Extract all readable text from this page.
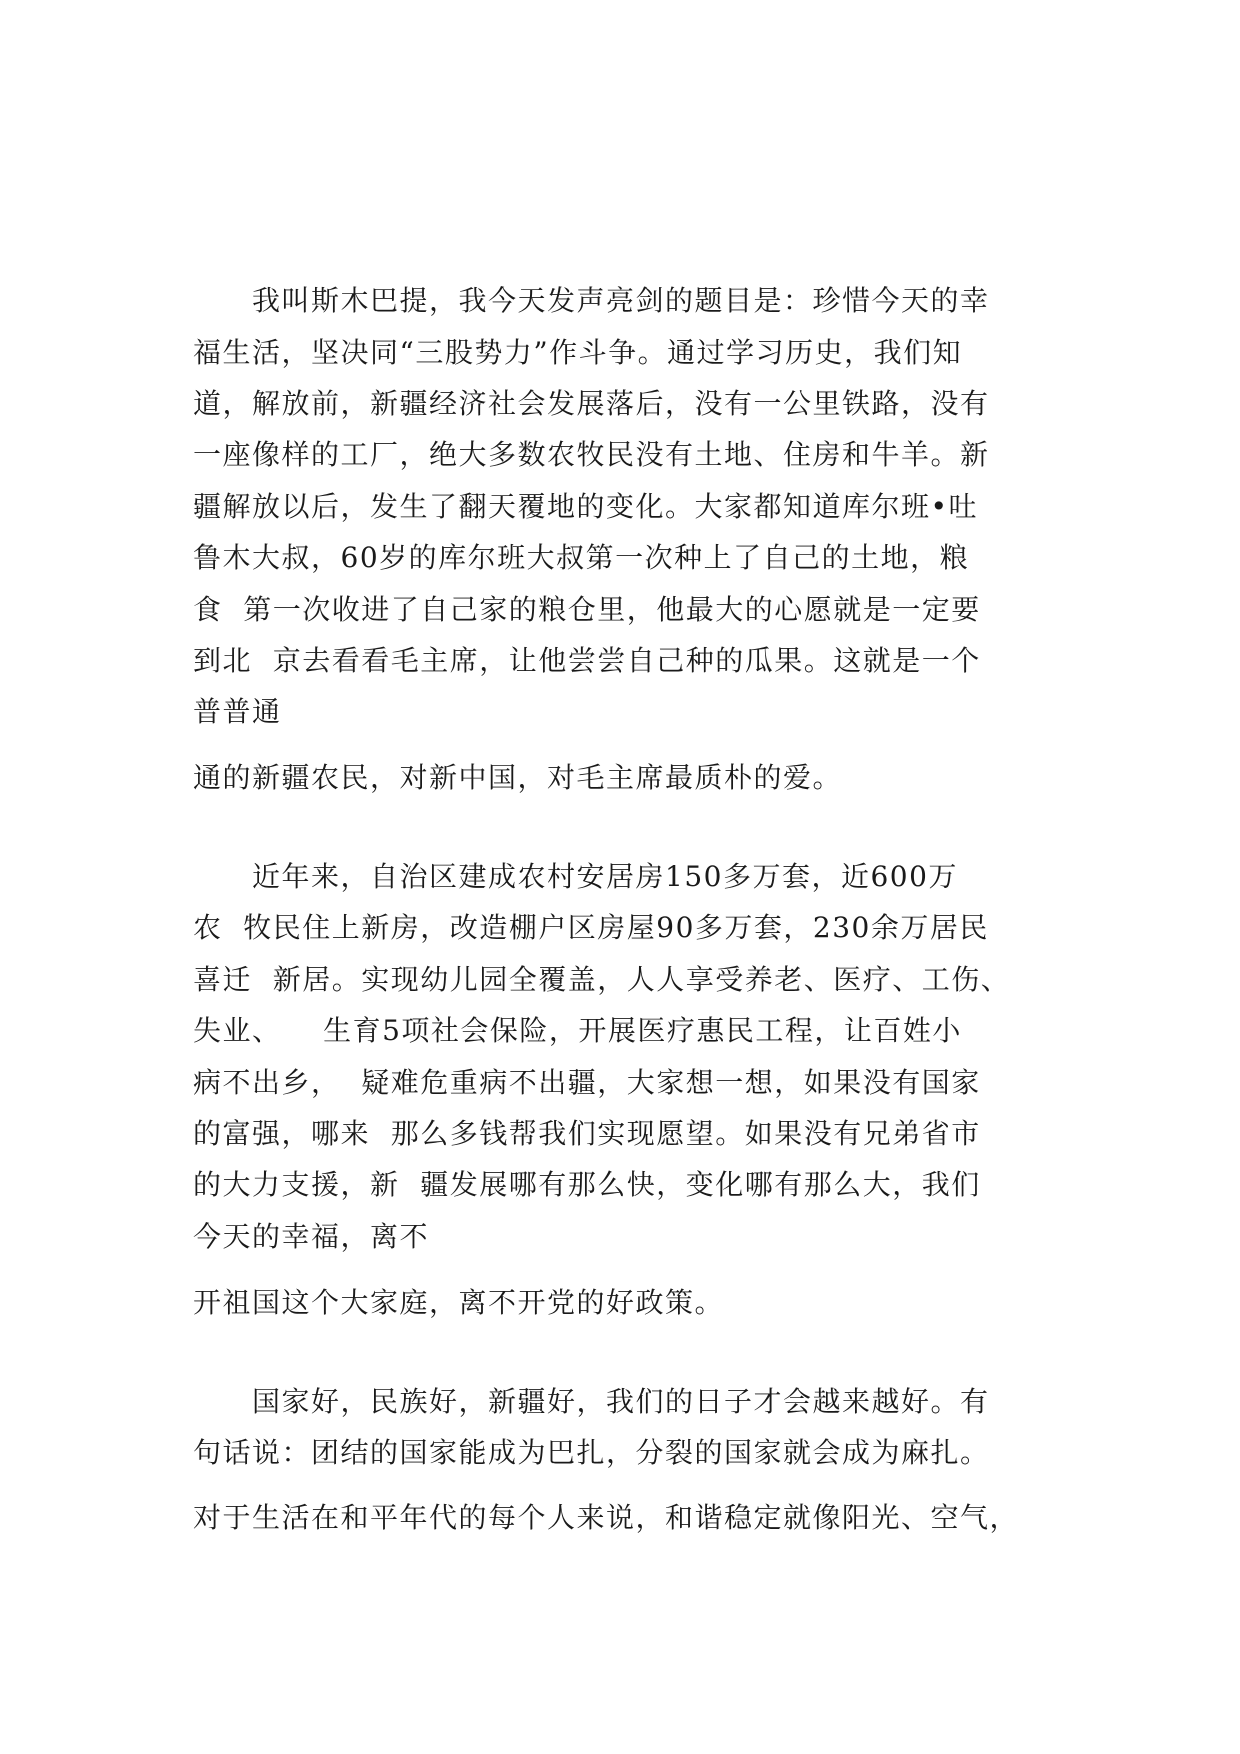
　　我叫斯木巴提，我今天发声亮剑的题目是：珍惜今天的幸
福生活，坚决同“三股势力”作斗争。通过学习历史，我们知
道，解放前，新疆经济社会发展落后，没有一公里铁路，没有
一座像样的工厂，绝大多数农牧民没有土地、住房和牛羊。新
疆解放以后，发生了翻天覆地的变化。大家都知道库尔班•吐
鲁木大叔，60岁的库尔班大叔第一次种上了自己的土地，粮
食  第一次收进了自己家的粮仓里，他最大的心愿就是一定要
到北  京去看看毛主席，让他尝尝自己种的瓜果。这就是一个
普普通
通的新疆农民，对新中国，对毛主席最质朴的爱。
　　近年来，自治区建成农村安居房150多万套，近600万
农  牧民住上新房，改造棚户区房屋90多万套，230余万居民
喜迁  新居。实现幼儿园全覆盖，人人享受养老、医疗、工伤、
失业、    生育5项社会保险，开展医疗惠民工程，让百姓小
病不出乡，  疑难危重病不出疆，大家想一想，如果没有国家
的富强，哪来  那么多钱帮我们实现愿望。如果没有兄弟省市
的大力支援，新  疆发展哪有那么快，变化哪有那么大，我们
今天的幸福，离不
开祖国这个大家庭，离不开党的好政策。
　　国家好，民族好，新疆好，我们的日子才会越来越好。有
句话说：团结的国家能成为巴扎，分裂的国家就会成为麻扎。
对于生活在和平年代的每个人来说，和谐稳定就像阳光、空气，
